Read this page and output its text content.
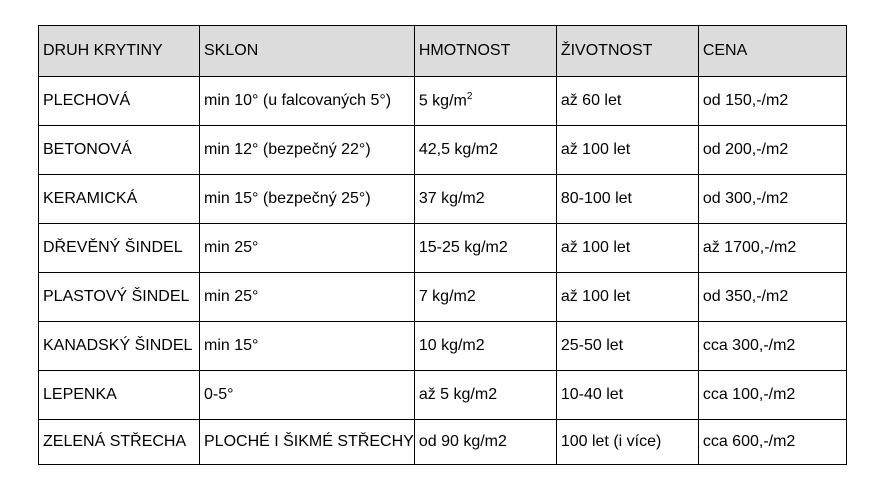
DRUH KRYTINY	SKLON	HMOTNOST	ŽIVOTNOST	CENA
PLECHOVÁ	min 10° (u falcovaných 5°)	5 $kg/m^2$	až 60 let	od 150,-/m2
BETONOVÁ	min 12° (bezpečný 22°)	42,5 kg/m2	až 100 let	od 200,-/m2
KERAMICKÁ	min 15° (bezpečný 25°)	37 kg/m2	80-100 let	od 300,-/m2
DŘEVĚNÝ ŠINDEL	min 25°	15-25 kg/m2	až 100 let	až 1700,-/m2
PLASTOVÝ ŠINDEL	min 25°	7 kg/m2	až 100 let	od 350,-/m2
KANADSKÝ ŠINDEL	min 15°	10 kg/m2	25-50 let	cca 300,-/m2
LEPENKA	0-5°	až 5 kg/m2	10-40 let	cca 100,-/m2
ZELENÁ STŘECHA	PLOCHÉ I ŠIKMÉ STŘECHY	od 90 kg/m2	100 let (i více)	cca 600,-/m2
